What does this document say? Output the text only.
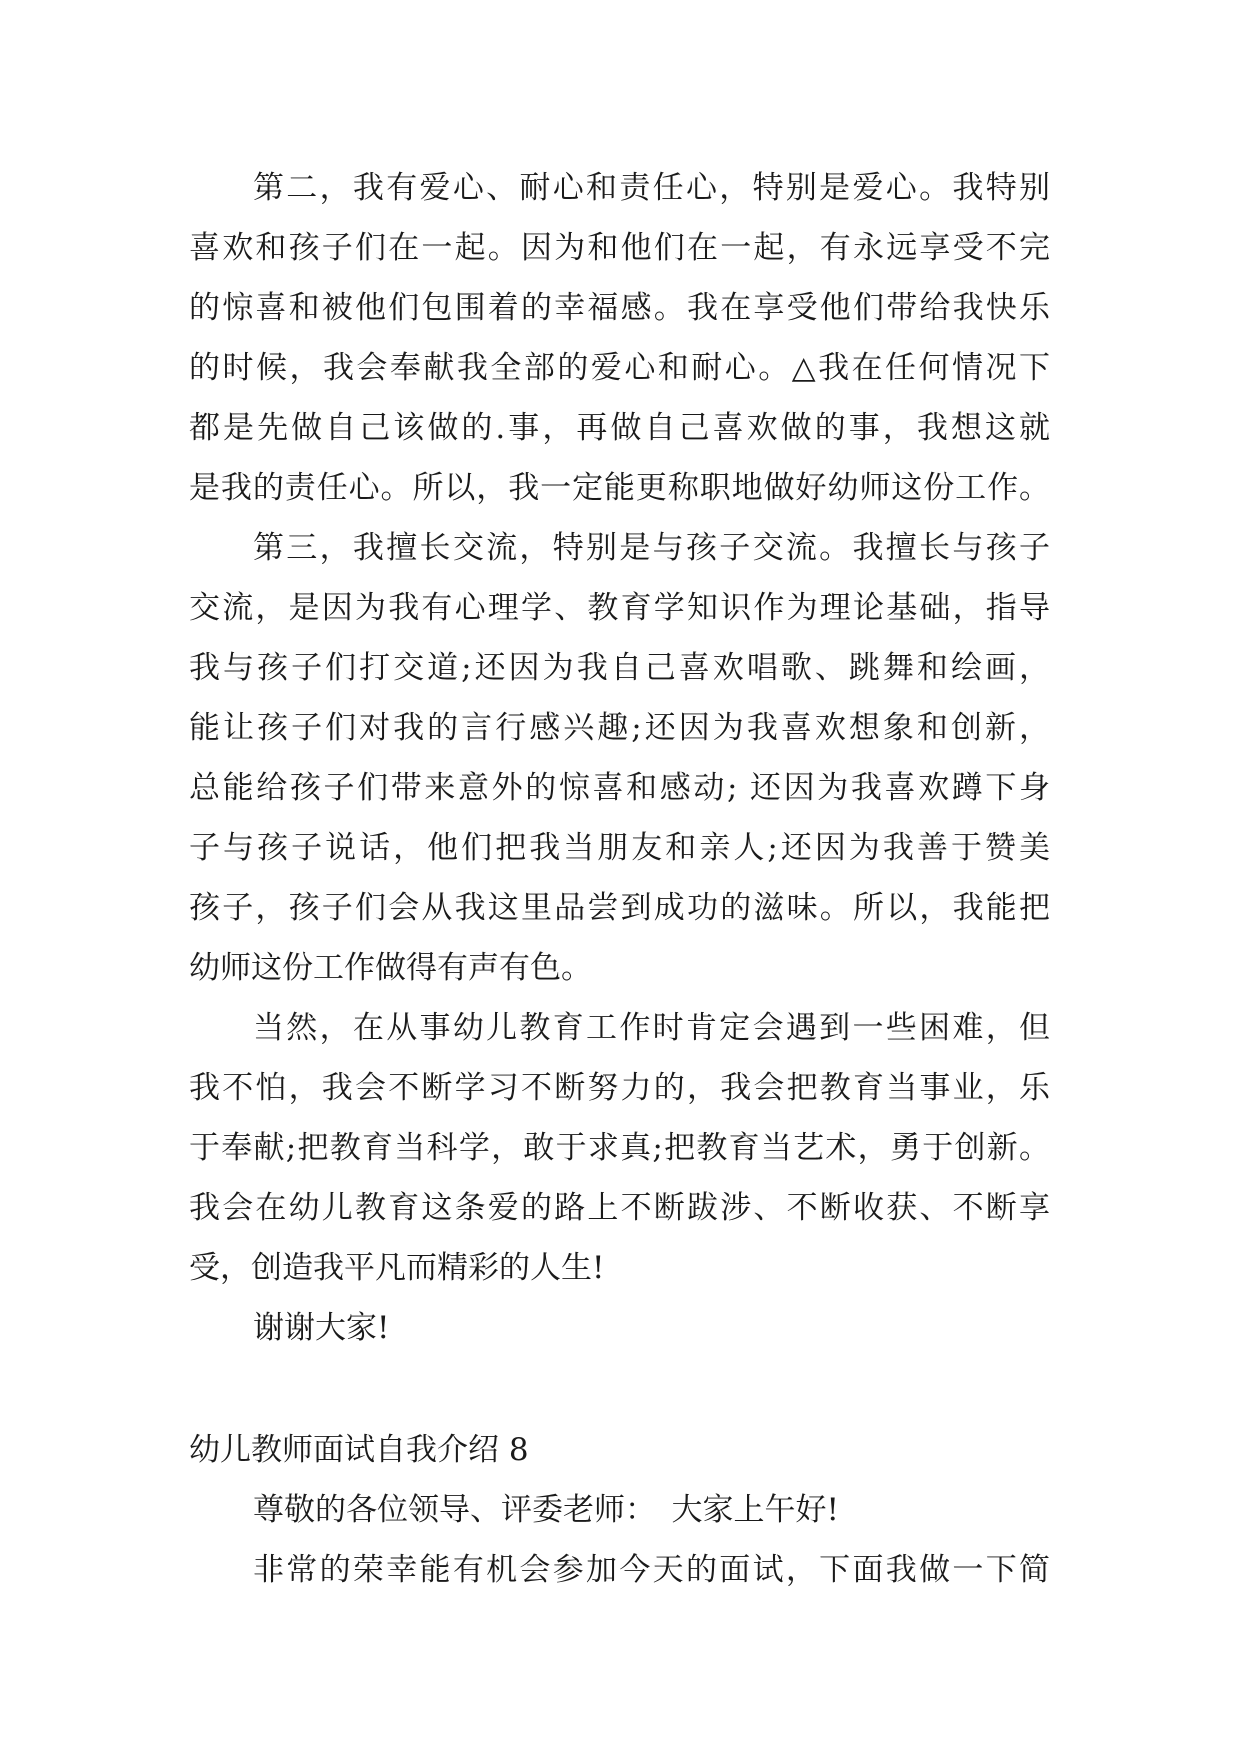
第二，我有爱心、耐心和责任心，特别是爱心。我特别
喜欢和孩子们在一起。因为和他们在一起，有永远享受不完
的惊喜和被他们包围着的幸福感。我在享受他们带给我快乐
的时候，我会奉献我全部的爱心和耐心。△我在任何情况下
都是先做自己该做的.事，再做自己喜欢做的事，我想这就
是我的责任心。所以，我一定能更称职地做好幼师这份工作。
第三，我擅长交流，特别是与孩子交流。我擅长与孩子
交流，是因为我有心理学、教育学知识作为理论基础，指导
我与孩子们打交道;还因为我自己喜欢唱歌、跳舞和绘画，
能让孩子们对我的言行感兴趣;还因为我喜欢想象和创新，
总能给孩子们带来意外的惊喜和感动; 还因为我喜欢蹲下身
子与孩子说话，他们把我当朋友和亲人;还因为我善于赞美
孩子，孩子们会从我这里品尝到成功的滋味。所以，我能把
幼师这份工作做得有声有色。
当然，在从事幼儿教育工作时肯定会遇到一些困难，但
我不怕，我会不断学习不断努力的，我会把教育当事业，乐
于奉献;把教育当科学，敢于求真;把教育当艺术，勇于创新。
我会在幼儿教育这条爱的路上不断跋涉、不断收获、不断享
受，创造我平凡而精彩的人生!
谢谢大家!
幼儿教师面试自我介绍 8
尊敬的各位领导、评委老师：　大家上午好!
非常的荣幸能有机会参加今天的面试，下面我做一下简
